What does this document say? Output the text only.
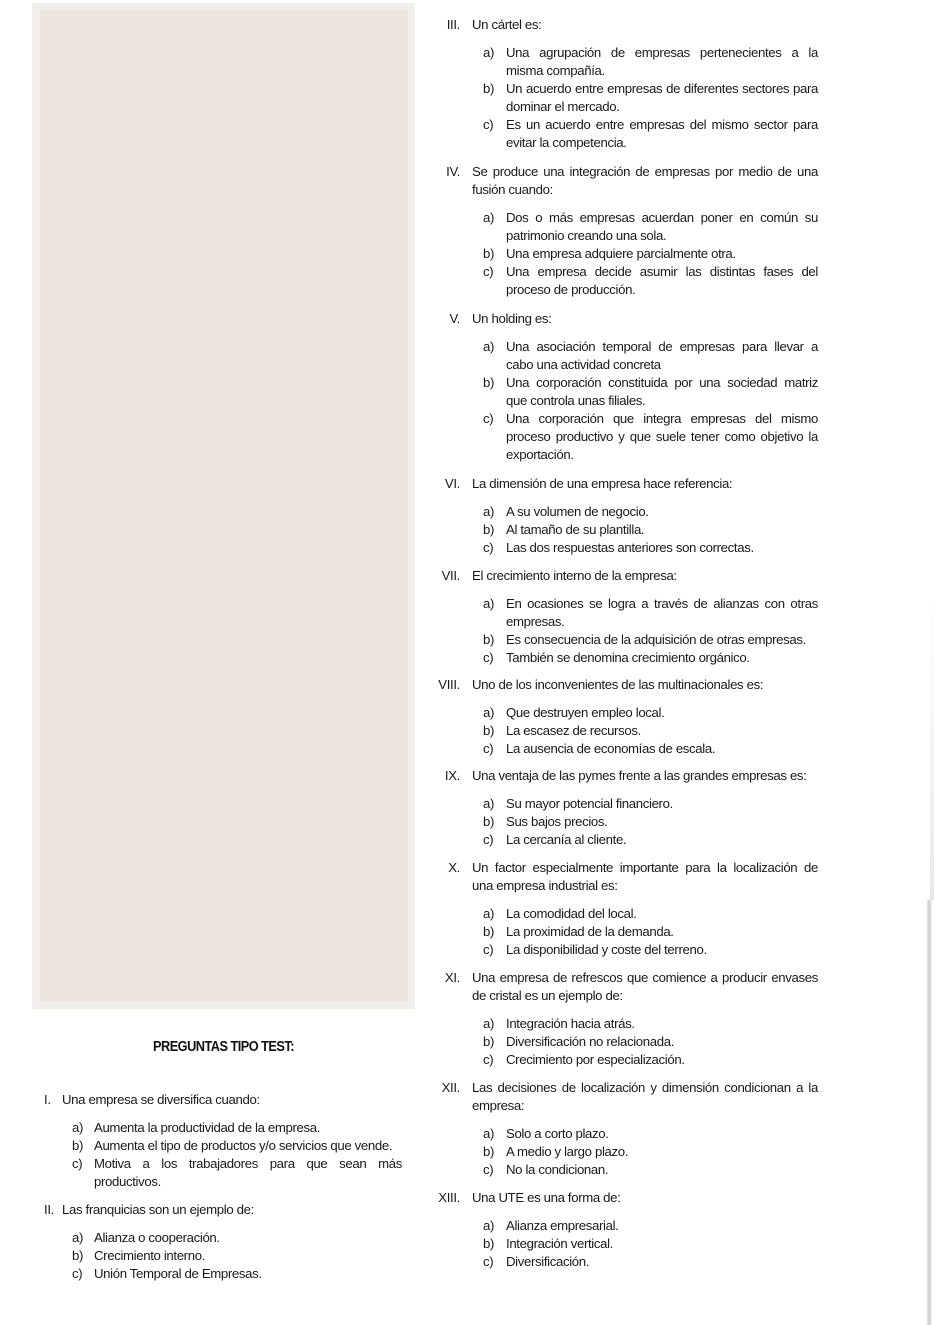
PREGUNTAS TIPO TEST:
I. Una empresa se diversifica cuando:
a) Aumenta la productividad de la empresa.
b) Aumenta el tipo de productos y/o servicios que vende.
c) Motiva a los trabajadores para que sean más productivos.
II. Las franquicias son un ejemplo de:
a) Alianza o cooperación.
b) Crecimiento interno.
c) Unión Temporal de Empresas.
III. Un cártel es:
a) Una agrupación de empresas pertenecientes a la misma compañía.
b) Un acuerdo entre empresas de diferentes sectores para dominar el mercado.
c) Es un acuerdo entre empresas del mismo sector para evitar la competencia.
IV. Se produce una integración de empresas por medio de una fusión cuando:
a) Dos o más empresas acuerdan poner en común su patrimonio creando una sola.
b) Una empresa adquiere parcialmente otra.
c) Una empresa decide asumir las distintas fases del proceso de producción.
V. Un holding es:
a) Una asociación temporal de empresas para llevar a cabo una actividad concreta
b) Una corporación constituida por una sociedad matriz que controla unas filiales.
c) Una corporación que integra empresas del mismo proceso productivo y que suele tener como objetivo la exportación.
VI. La dimensión de una empresa hace referencia:
a) A su volumen de negocio.
b) Al tamaño de su plantilla.
c) Las dos respuestas anteriores son correctas.
VII. El crecimiento interno de la empresa:
a) En ocasiones se logra a través de alianzas con otras empresas.
b) Es consecuencia de la adquisición de otras empresas.
c) También se denomina crecimiento orgánico.
VIII. Uno de los inconvenientes de las multinacionales es:
a) Que destruyen empleo local.
b) La escasez de recursos.
c) La ausencia de economías de escala.
IX. Una ventaja de las pymes frente a las grandes empresas es:
a) Su mayor potencial financiero.
b) Sus bajos precios.
c) La cercanía al cliente.
X. Un factor especialmente importante para la localización de una empresa industrial es:
a) La comodidad del local.
b) La proximidad de la demanda.
c) La disponibilidad y coste del terreno.
XI. Una empresa de refrescos que comience a producir envases de cristal es un ejemplo de:
a) Integración hacia atrás.
b) Diversificación no relacionada.
c) Crecimiento por especialización.
XII. Las decisiones de localización y dimensión condicionan a la empresa:
a) Solo a corto plazo.
b) A medio y largo plazo.
c) No la condicionan.
XIII. Una UTE es una forma de:
a) Alianza empresarial.
b) Integración vertical.
c) Diversificación.
